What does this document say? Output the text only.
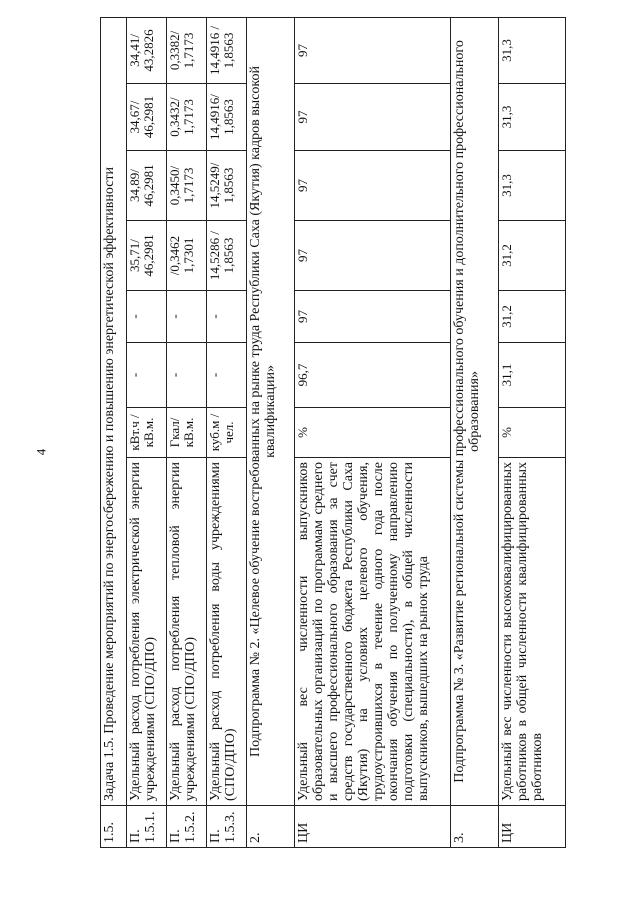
4
1.5.	Задача 1.5. Проведение мероприятий по энергосбережению и повышению энергетической эффективности							
П. 1.5.1.	Удельный расход потребления электрической энергии учреждениями (СПО/ДПО)	кВт.ч /кВ.м.	-	-	35,71/ 46,2981	34,89/ 46,2981	34,67/ 46,2981	34,41/ 43,2826
П. 1.5.2.	Удельный расход потребления тепловой энергии учреждениями (СПО/ДПО)	Гкал/ кВ.м.	-	-	/0,3462 1,7301	0,3450/ 1,7173	0,3432/ 1,7173	0,3382/ 1,7173
П. 1.5.3.	Удельный расход потребления воды учреждениями (СПО/ДПО)	куб.м /чел.	-	-	14,5286 / 1,8563	14,5249/ 1,8563	14,4916/ 1,8563	14,4916 / 1,8563
2.	Подпрограмма № 2. «Целевое обучение востребованных на рынке труда Республики Саха (Якутия) кадров высокой квалификации»							
ЦИ	Удельный вес численности выпускников образовательных организаций по программам среднего и высшего профессионального образования за счет средств государственного бюджета Республики Саха (Якутия) на условиях целевого обучения, трудоустроившихся в течение одного года после окончания обучения по полученному направлению подготовки (специальности), в общей численности выпускников, вышедших на рынок труда	%	96,7	97	97	97	97	97
3.	Подпрограмма № 3. «Развитие региональной системы профессионального обучения и дополнительного профессионального образования»							
ЦИ	Удельный вес численности высококвалифицированных работников в общей численности квалифицированных работников	%	31,1	31,2	31,2	31,3	31,3	31,3
